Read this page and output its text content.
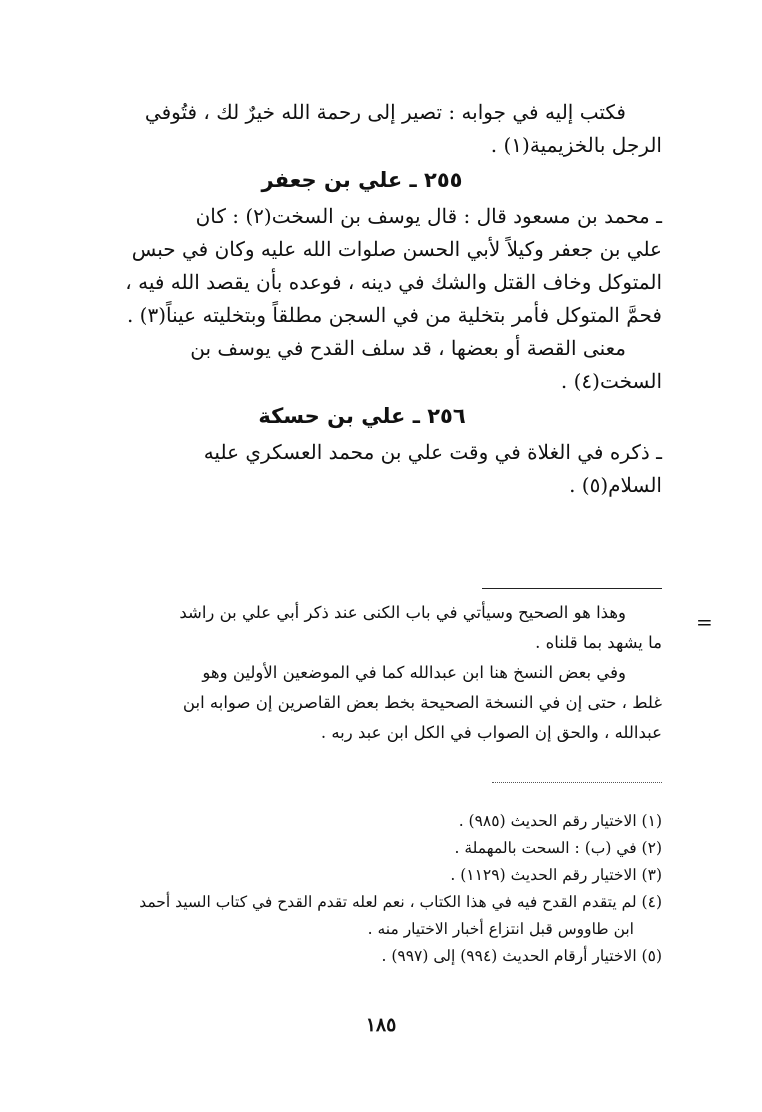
فكتب إليه في جوابه : تصير إلى رحمة الله خيرٌ لك ، فتُوفي
الرجل بالخزيمية(١) .

٢٥٥ ـ علي بن جعفر

ـ محمد بن مسعود قال : قال يوسف بن السخت(٢) : كان
علي بن جعفر وكيلاً لأبي الحسن صلوات الله عليه وكان في حبس
المتوكل وخاف القتل والشك في دينه ، فوعده بأن يقصد الله فيه ،
فحمَّ المتوكل فأمر بتخلية من في السجن مطلقاً وبتخليته عيناً(٣) .

معنى القصة أو بعضها ، قد سلف القدح في يوسف بن
السخت(٤) .

٢٥٦ ـ علي بن حسكة

ـ ذكره في الغلاة في وقت علي بن محمد العسكري عليه
السلام(٥) .

=

وهذا هو الصحيح وسيأتي في باب الكنى عند ذكر أبي علي بن راشد
ما يشهد بما قلناه .

وفي بعض النسخ هنا ابن عبدالله كما في الموضعين الأولين وهو
غلط ، حتى إن في النسخة الصحيحة بخط بعض القاصرين إن صوابه ابن
عبدالله ، والحق إن الصواب في الكل ابن عبد ربه .

(١) الاختيار رقم الحديث (٩٨٥) .

(٢) في (ب) : السحت بالمهملة .

(٣) الاختيار رقم الحديث (١١٢٩) .

(٤) لم يتقدم القدح فيه في هذا الكتاب ، نعم لعله تقدم القدح في كتاب السيد أحمد

ابن طاووس قبل انتزاع أخبار الاختيار منه .

(٥) الاختيار أرقام الحديث (٩٩٤) إلى (٩٩٧) .

١٨٥
